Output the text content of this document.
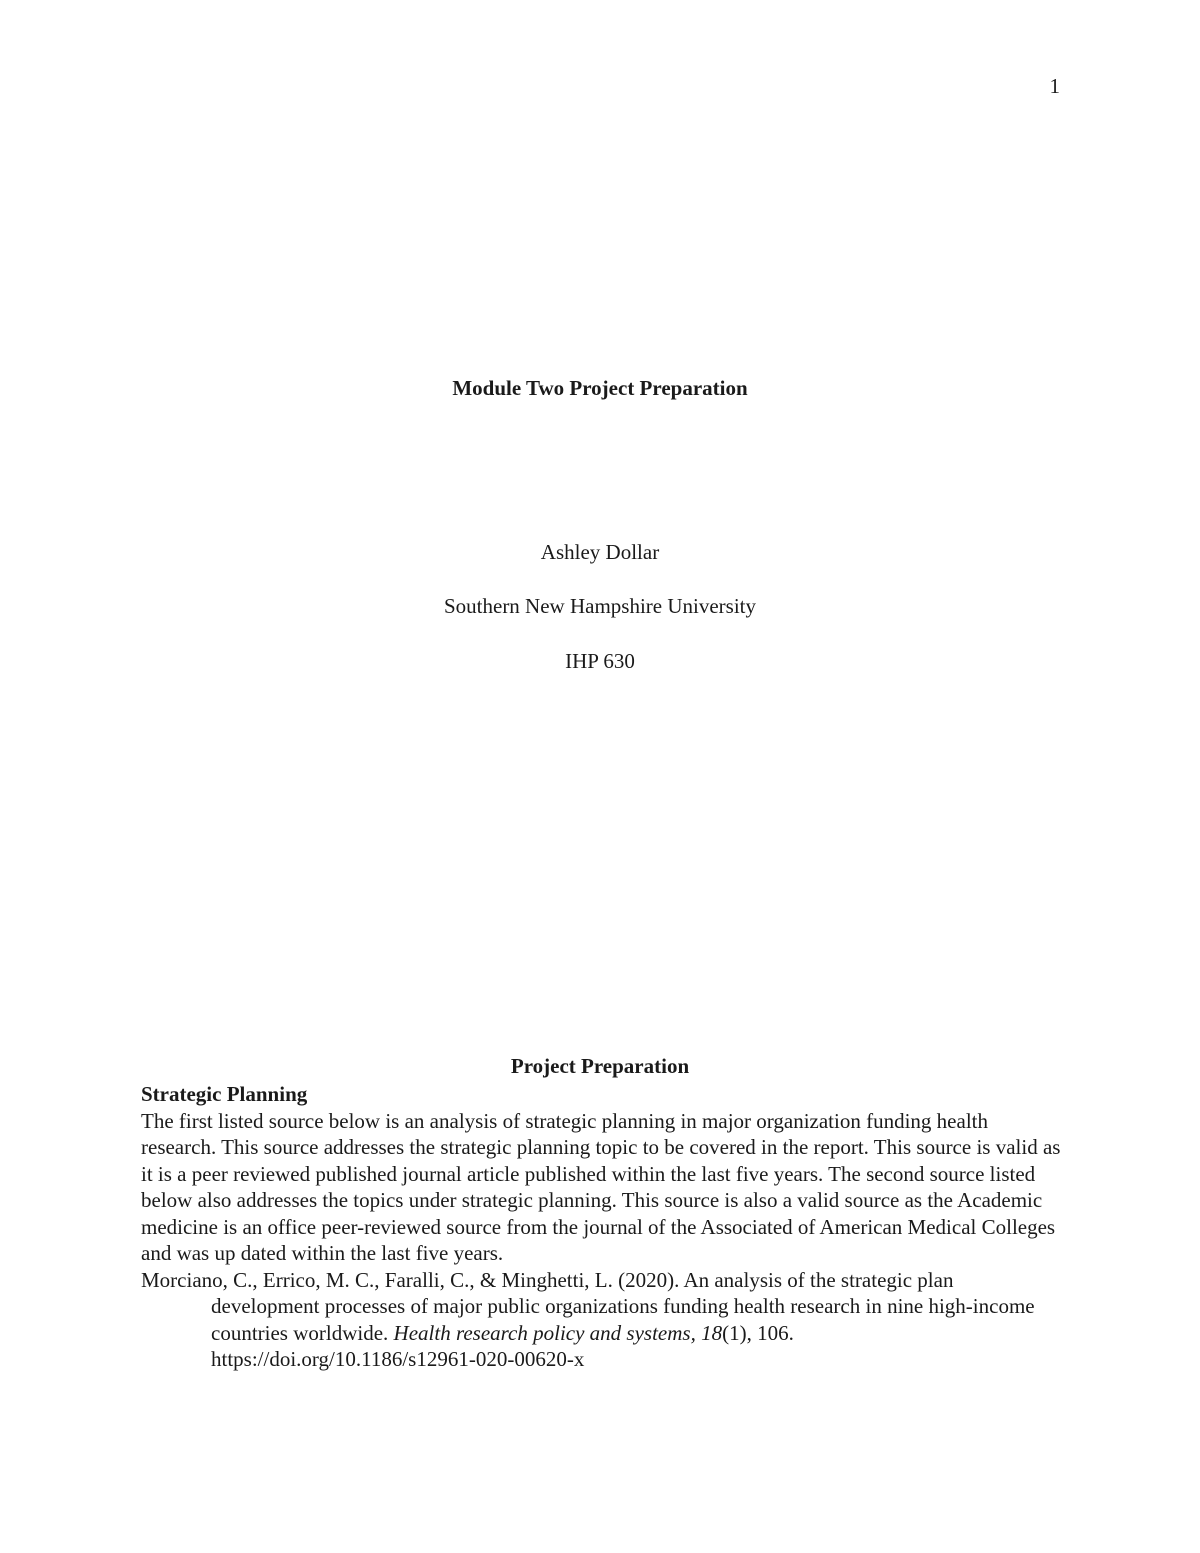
1
Module Two Project Preparation
Ashley Dollar
Southern New Hampshire University
IHP 630
Project Preparation
Strategic Planning

The first listed source below is an analysis of strategic planning in major organization funding health research. This source addresses the strategic planning topic to be covered in the report. This source is valid as it is a peer reviewed published journal article published within the last five years. The second source listed below also addresses the topics under strategic planning. This source is also a valid source as the Academic medicine is an office peer-reviewed source from the journal of the Associated of American Medical Colleges and was up dated within the last five years.

Morciano, C., Errico, M. C., Faralli, C., & Minghetti, L. (2020). An analysis of the strategic plan development processes of major public organizations funding health research in nine high-income countries worldwide. Health research policy and systems, 18(1), 106.
https://doi.org/10.1186/s12961-020-00620-x
